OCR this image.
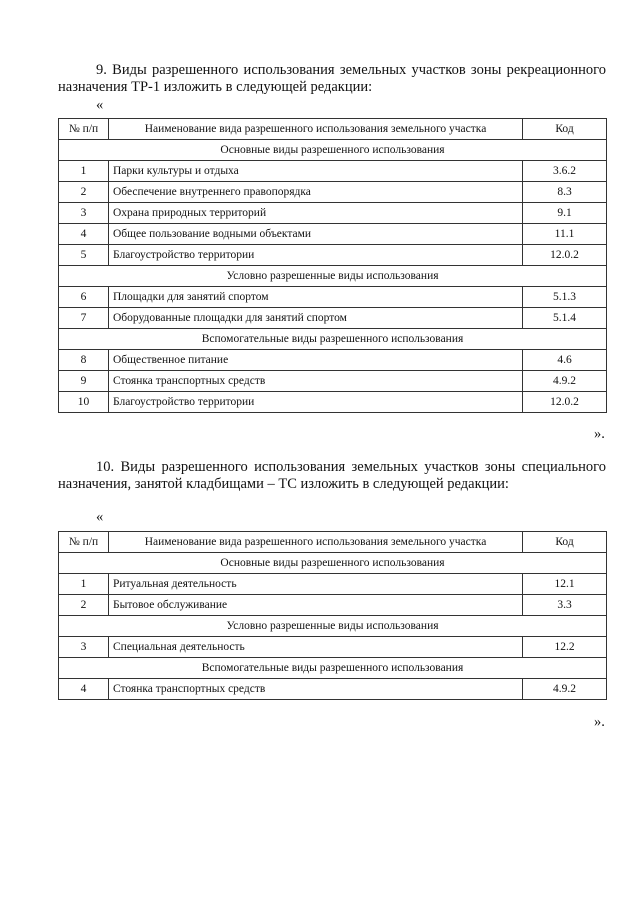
9. Виды разрешенного использования земельных участков зоны рекреационного назначения ТР-1 изложить в следующей редакции:

«
№ п/п	Наименование вида разрешенного использования земельного участка	Код
Основные виды разрешенного использования		
1	Парки культуры и отдыха	3.6.2
2	Обеспечение внутреннего правопорядка	8.3
3	Охрана природных территорий	9.1
4	Общее пользование водными объектами	11.1
5	Благоустройство территории	12.0.2
Условно разрешенные виды использования		
6	Площадки для занятий спортом	5.1.3
7	Оборудованные площадки для занятий спортом	5.1.4
Вспомогательные виды разрешенного использования		
8	Общественное питание	4.6
9	Стоянка транспортных средств	4.9.2
10	Благоустройство территории	12.0.2
».

10. Виды разрешенного использования земельных участков зоны специального назначения, занятой кладбищами – ТС изложить в следующей редакции:

«
№ п/п	Наименование вида разрешенного использования земельного участка	Код
Основные виды разрешенного использования		
1	Ритуальная деятельность	12.1
2	Бытовое обслуживание	3.3
Условно разрешенные виды использования		
3	Специальная деятельность	12.2
Вспомогательные виды разрешенного использования		
4	Стоянка транспортных средств	4.9.2
».
